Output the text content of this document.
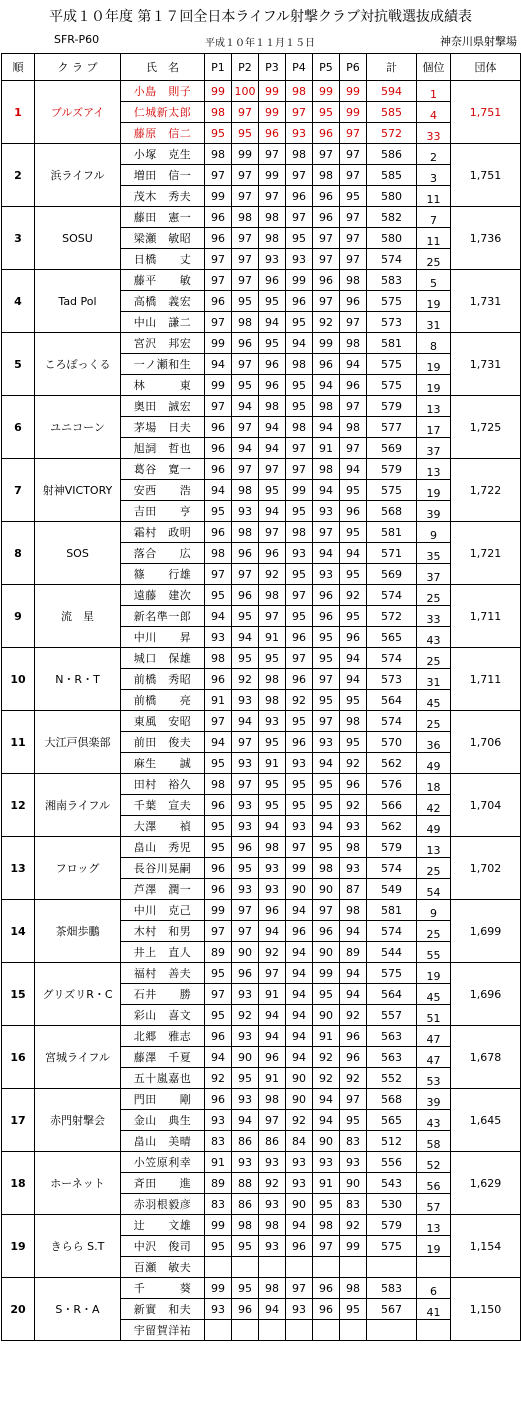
平成１０年度 第１７回全日本ライフル射撃クラブ対抗戦選抜成績表
SFR-P60	平成１０年１１月１５日	神奈川県射撃場
順	ク ラ ブ	氏　名	P1	P2	P3	P4	P5	P6	計	個位	団体
1	ブルズアイ	小島　則子	99	100	99	98	99	99	594	1	1,751
		仁城新太郎	98	97	99	97	95	99	585	4	
		藤原　信二	95	95	96	93	96	97	572	33	
2	浜ライフル	小塚　克生	98	99	97	98	97	97	586	2	1,751
		増田　信一	97	97	99	97	98	97	585	3	
		茂木　秀夫	99	97	97	96	96	95	580	11	
3	SOSU	藤田　憲一	96	98	98	97	96	97	582	7	1,736
		梁瀬　敏昭	96	97	98	95	97	97	580	11	
		日橋　　丈	97	97	93	93	97	97	574	25	
4	Tad Pol	藤平　　敏	97	97	96	99	96	98	583	5	1,731
		高橋　義宏	96	95	95	96	97	96	575	19	
		中山　謙二	97	98	94	95	92	97	573	31	
5	ころぽっくる	宮沢　邦宏	99	96	95	94	99	98	581	8	1,731
		一ノ瀬和生	94	97	96	98	96	94	575	19	
		林　　　東	99	95	96	95	94	96	575	19	
6	ユニコーン	奥田　誠宏	97	94	98	95	98	97	579	13	1,725
		茅場　日夫	96	97	94	98	94	98	577	17	
		旭詞　哲也	96	94	94	97	91	97	569	37	
7	射神VICTORY	葛谷　寛一	96	97	97	97	98	94	579	13	1,722
		安西　　浩	94	98	95	99	94	95	575	19	
		吉田　　亨	95	93	94	95	93	96	568	39	
8	SOS	霜村　政明	96	98	97	98	97	95	581	9	1,721
		落合　　広	98	96	96	93	94	94	571	35	
		篠　　行雄	97	97	92	95	93	95	569	37	
9	流　星	遠藤　建次	95	96	98	97	96	92	574	25	1,711
		新名準一郎	94	95	97	95	96	95	572	33	
		中川　　昇	93	94	91	96	95	96	565	43	
10	N・R・T	城口　保雄	98	95	95	97	95	94	574	25	1,711
		前橋　秀昭	96	92	98	96	97	94	573	31	
		前橋　　亮	91	93	98	92	95	95	564	45	
11	大江戸倶楽部	東風　安昭	97	94	93	95	97	98	574	25	1,706
		前田　俊夫	94	97	95	96	93	95	570	36	
		麻生　　誠	95	93	91	93	94	92	562	49	
12	湘南ライフル	田村　裕久	98	97	95	95	95	96	576	18	1,704
		千葉　宣夫	96	93	95	95	95	92	566	42	
		大澤　　禎	95	93	94	93	94	93	562	49	
13	フロッグ	畠山　秀児	95	96	98	97	95	98	579	13	1,702
		長谷川晃嗣	96	95	93	99	98	93	574	25	
		芦澤　潤一	96	93	93	90	90	87	549	54	
14	茶畑歩鵬	中川　克己	99	97	96	94	97	98	581	9	1,699
		木村　和男	97	97	94	96	96	94	574	25	
		井上　直人	89	90	92	94	90	89	544	55	
15	グリズリR・C	福村　善夫	95	96	97	94	99	94	575	19	1,696
		石井　　勝	97	93	91	94	95	94	564	45	
		彩山　喜文	95	92	94	94	90	92	557	51	
16	宮城ライフル	北郷　雅志	96	93	94	94	91	96	563	47	1,678
		藤澤　千夏	94	90	96	94	92	96	563	47	
		五十嵐嘉也	92	95	91	90	92	92	552	53	
17	赤門射撃会	門田　　剛	96	93	98	90	94	97	568	39	1,645
		金山　典生	93	94	97	92	94	95	565	43	
		畠山　美晴	83	86	86	84	90	83	512	58	
18	ホーネット	小笠原利幸	91	93	93	93	93	93	556	52	1,629
		斉田　　進	89	88	92	93	91	90	543	56	
		赤羽根毅彦	83	86	93	90	95	83	530	57	
19	きらら S.T	辻　　文雄	99	98	98	94	98	92	579	13	1,154
		中沢　俊司	95	95	93	96	97	99	575	19	
		百瀬　敏夫									
20	S・R・A	千　　　葵	99	95	98	97	96	98	583	6	1,150
		新實　和夫	93	96	94	93	96	95	567	41	
		宇留賀洋祐									
